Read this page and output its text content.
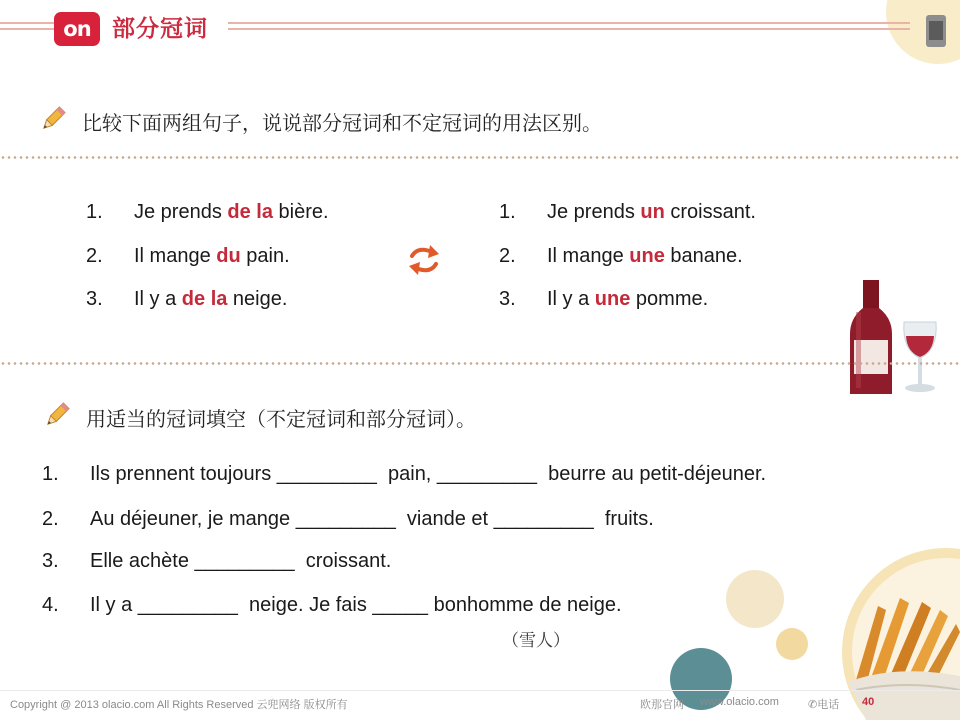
on 部分冠词
比较下面两组句子，说说部分冠词和不定冠词的用法区别。
1. Je prends de la bière.
2. Il mange du pain.
3. Il y a de la neige.
1. Je prends un croissant.
2. Il mange une banane.
3. Il y a une pomme.
用适当的冠词填空（不定冠词和部分冠词）。
1. Ils prennent toujours _________  pain, _________  beurre au petit-déjeuner.
2. Au déjeuner, je mange _________  viande et _________  fruits.
3. Elle achète _________  croissant.
4. Il y a _________  neige. Je fais _____ bonhomme de neige.
（雪人）
Copyright @ 2013 olacio.com All Rights Reserved 云兜网络 版权所有	欧那官网 www.olacio.com	✆电话 40
